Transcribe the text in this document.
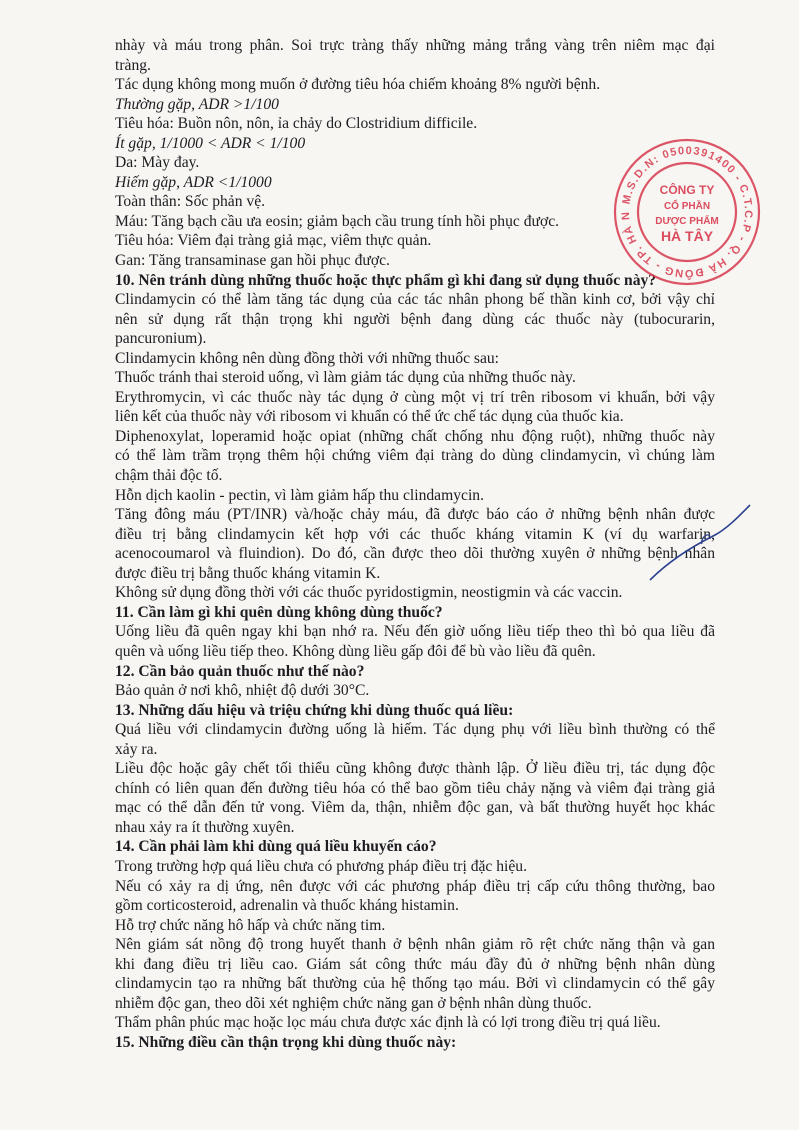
nhày và máu trong phân. Soi trực tràng thấy những mảng trắng vàng trên niêm mạc đại
tràng.
Tác dụng không mong muốn ở đường tiêu hóa chiếm khoảng 8% người bệnh.
Thường gặp, ADR >1/100
Tiêu hóa: Buồn nôn, nôn, ỉa chảy do Clostridium difficile.
Ít gặp, 1/1000 < ADR < 1/100
Da: Mày đay.
Hiếm gặp, ADR <1/1000
Toàn thân: Sốc phản vệ.
Máu: Tăng bạch cầu ưa eosin; giảm bạch cầu trung tính hồi phục được.
Tiêu hóa: Viêm đại tràng giả mạc, viêm thực quản.
Gan: Tăng transaminase gan hồi phục được.
10. Nên tránh dùng những thuốc hoặc thực phẩm gì khi đang sử dụng thuốc này?
Clindamycin có thể làm tăng tác dụng của các tác nhân phong bế thần kinh cơ, bởi vậy chỉ
nên sử dụng rất thận trọng khi người bệnh đang dùng các thuốc này (tubocurarin,
pancuronium).
Clindamycin không nên dùng đồng thời với những thuốc sau:
Thuốc tránh thai steroid uống, vì làm giảm tác dụng của những thuốc này.
Erythromycin, vì các thuốc này tác dụng ở cùng một vị trí trên ribosom vi khuẩn, bởi vậy
liên kết của thuốc này với ribosom vi khuẩn có thể ức chế tác dụng của thuốc kia.
Diphenoxylat, loperamid hoặc opiat (những chất chống nhu động ruột), những thuốc này
có thể làm trầm trọng thêm hội chứng viêm đại tràng do dùng clindamycin, vì chúng làm
chậm thải độc tố.
Hỗn dịch kaolin - pectin, vì làm giảm hấp thu clindamycin.
Tăng đông máu (PT/INR) và/hoặc chảy máu, đã được báo cáo ở những bệnh nhân được
điều trị bằng clindamycin kết hợp với các thuốc kháng vitamin K (ví dụ warfarin,
acenocoumarol và fluindion). Do đó, cần được theo dõi thường xuyên ở những bệnh nhân
được điều trị bằng thuốc kháng vitamin K.
Không sử dụng đồng thời với các thuốc pyridostigmin, neostigmin và các vaccin.
11. Cần làm gì khi quên dùng không dùng thuốc?
Uống liều đã quên ngay khi bạn nhớ ra. Nếu đến giờ uống liều tiếp theo thì bỏ qua liều đã
quên và uống liều tiếp theo. Không dùng liều gấp đôi để bù vào liều đã quên.
12. Cần bảo quản thuốc như thế nào?
Bảo quản ở nơi khô, nhiệt độ dưới 30°C.
13. Những dấu hiệu và triệu chứng khi dùng thuốc quá liều:
Quá liều với clindamycin đường uống là hiếm. Tác dụng phụ với liều bình thường có thể
xảy ra.
Liều độc hoặc gây chết tối thiểu cũng không được thành lập. Ở liều điều trị, tác dụng độc
chính có liên quan đến đường tiêu hóa có thể bao gồm tiêu chảy nặng và viêm đại tràng giả
mạc có thể dẫn đến tử vong. Viêm da, thận, nhiễm độc gan, và bất thường huyết học khác
nhau xảy ra ít thường xuyên.
14. Cần phải làm khi dùng quá liều khuyến cáo?
Trong trường hợp quá liều chưa có phương pháp điều trị đặc hiệu.
Nếu có xảy ra dị ứng, nên được với các phương pháp điều trị cấp cứu thông thường, bao
gồm corticosteroid, adrenalin và thuốc kháng histamin.
Hỗ trợ chức năng hô hấp và chức năng tim.
Nên giám sát nồng độ trong huyết thanh ở bệnh nhân giảm rõ rệt chức năng thận và gan
khi đang điều trị liều cao. Giám sát công thức máu đầy đủ ở những bệnh nhân dùng
clindamycin tạo ra những bất thường của hệ thống tạo máu. Bởi vì clindamycin có thể gây
nhiễm độc gan, theo dõi xét nghiệm chức năng gan ở bệnh nhân dùng thuốc.
Thẩm phân phúc mạc hoặc lọc máu chưa được xác định là có lợi trong điều trị quá liều.
15. Những điều cần thận trọng khi dùng thuốc này:
M.S.D.N: 0500391400 - C.T.C.P - Q. HÀ ĐÔNG - TP. HÀ N
CÔNG TY
CỔ PHẦN
DƯỢC PHẨM
HÀ TÂY
